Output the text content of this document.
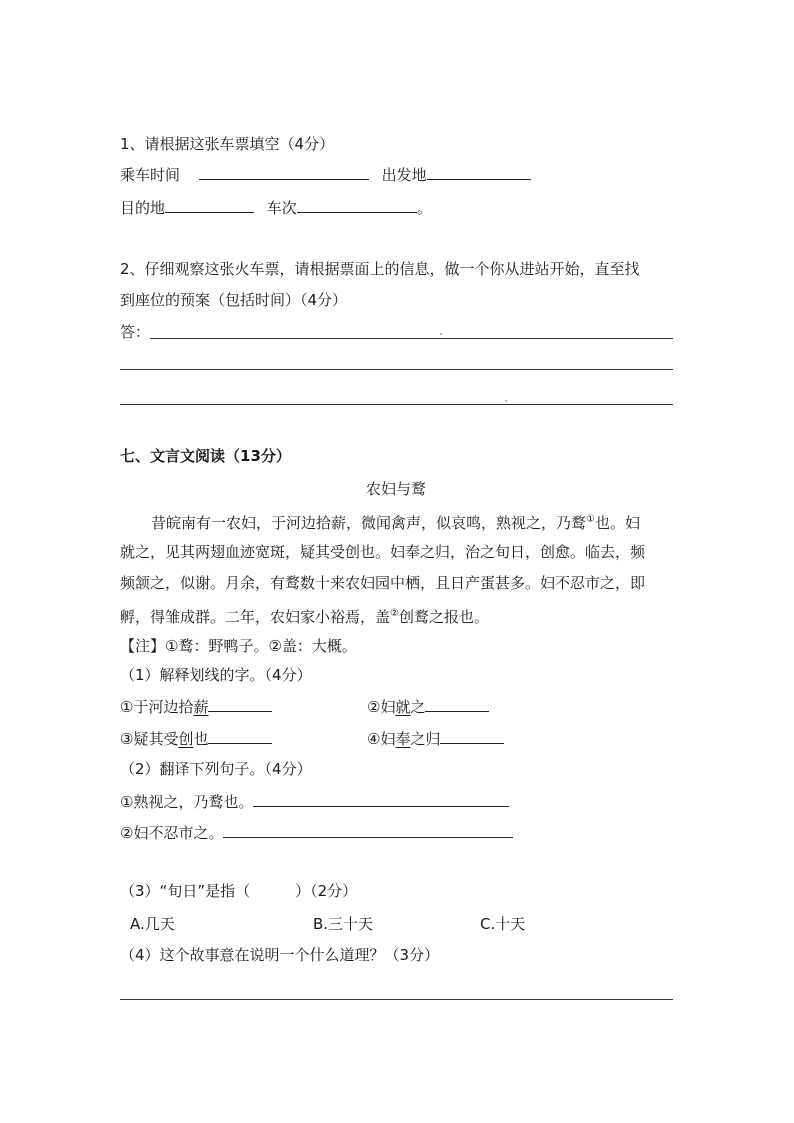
1、请根据这张车票填空（4分）
乘车时间	出发地
目的地	车次	。
2、仔细观察这张火车票，请根据票面上的信息，做一个你从进站开始，直至找
到座位的预案（包括时间）（4分）
答：
七、文言文阅读（13分）
农妇与鹜
昔皖南有一农妇，于河边拾薪，微闻禽声，似哀鸣，熟视之，乃鹜①也。妇
就之，见其两翅血迹宽斑，疑其受创也。妇奉之归，治之旬日，创愈。临去，频
频颔之，似谢。月余，有鹜数十来农妇园中栖，且日产蛋甚多。妇不忍市之，即
孵，得雏成群。二年，农妇家小裕焉，盖②创鹜之报也。
【注】①鹜：野鸭子。②盖：大概。
（1）解释划线的字。（4分）
①于河边拾薪	②妇就之
③疑其受创也	④妇奉之归
（2）翻译下列句子。（4分）
①熟视之，乃鹜也。
②妇不忍市之。
（3）“旬日”是指（　　　）（2分）
A.几天	B.三十天	C.十天
（4）这个故事意在说明一个什么道理？（3分）
